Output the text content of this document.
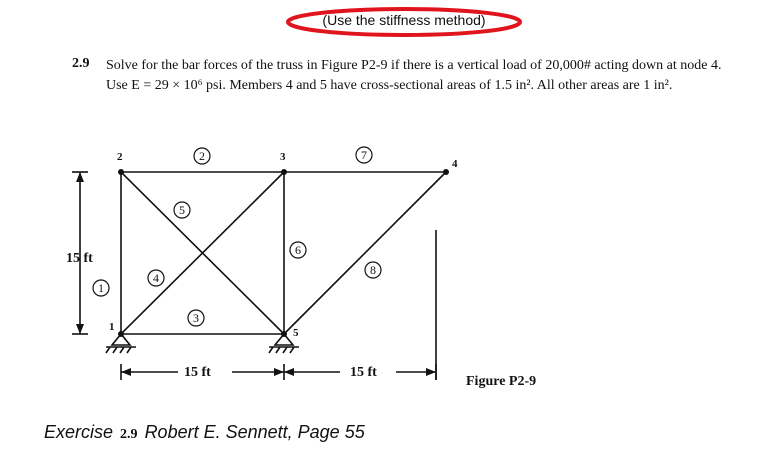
(Use the stiffness method)
2.9 Solve for the bar forces of the truss in Figure P2-9 if there is a vertical load of 20,000# acting down at node 4. Use E = 29 × 10⁶ psi. Members 4 and 5 have cross-sectional areas of 1.5 in². All other areas are 1 in².
2	3
4
1	5
1
2
3
4
5
6
7
8
15 ft
15 ft	15 ft
Figure P2-9
Exercise 2.9 Robert E. Sennett, Page 55
